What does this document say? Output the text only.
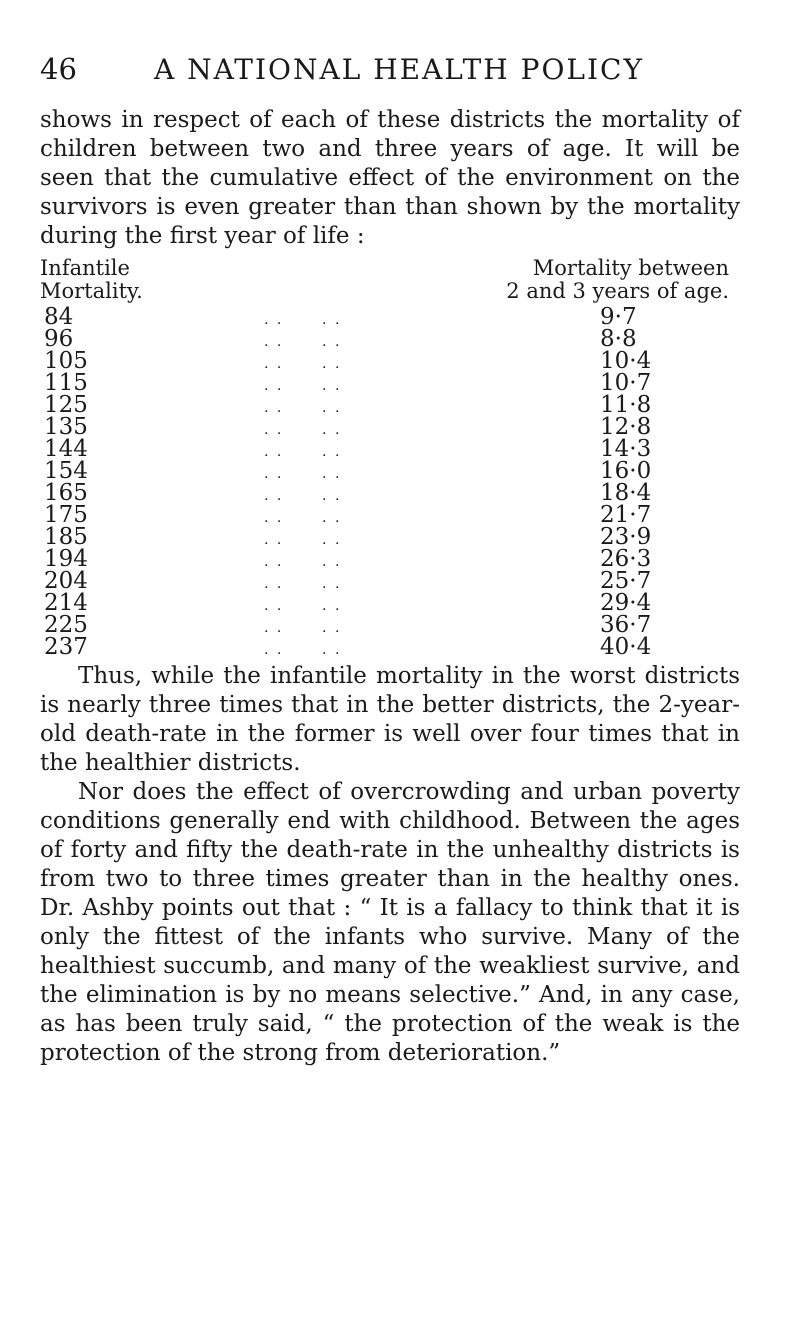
46	A NATIONAL HEALTH POLICY

shows in respect of each of these districts the mortality of children between two and three years of age. It will be seen that the cumulative effect of the environment on the survivors is even greater than than shown by the mortality during the first year of life :

Infantile
Mortality.
Mortality between
2 and 3 years of age.
84	. .      . .	9·7
96	. .      . .	8·8
105	. .      . .	10·4
115	. .      . .	10·7
125	. .      . .	11·8
135	. .      . .	12·8
144	. .      . .	14·3
154	. .      . .	16·0
165	. .      . .	18·4
175	. .      . .	21·7
185	. .      . .	23·9
194	. .      . .	26·3
204	. .      . .	25·7
214	. .      . .	29·4
225	. .      . .	36·7
237	. .      . .	40·4

Thus, while the infantile mortality in the worst districts is nearly three times that in the better districts, the 2-year-old death-rate in the former is well over four times that in the healthier districts.

Nor does the effect of overcrowding and urban poverty conditions generally end with childhood. Between the ages of forty and fifty the death-rate in the unhealthy districts is from two to three times greater than in the healthy ones. Dr. Ashby points out that : “ It is a fallacy to think that it is only the fittest of the infants who survive. Many of the healthiest succumb, and many of the weakliest survive, and the elimination is by no means selective.” And, in any case, as has been truly said, “ the protection of the weak is the protection of the strong from deterioration.”
